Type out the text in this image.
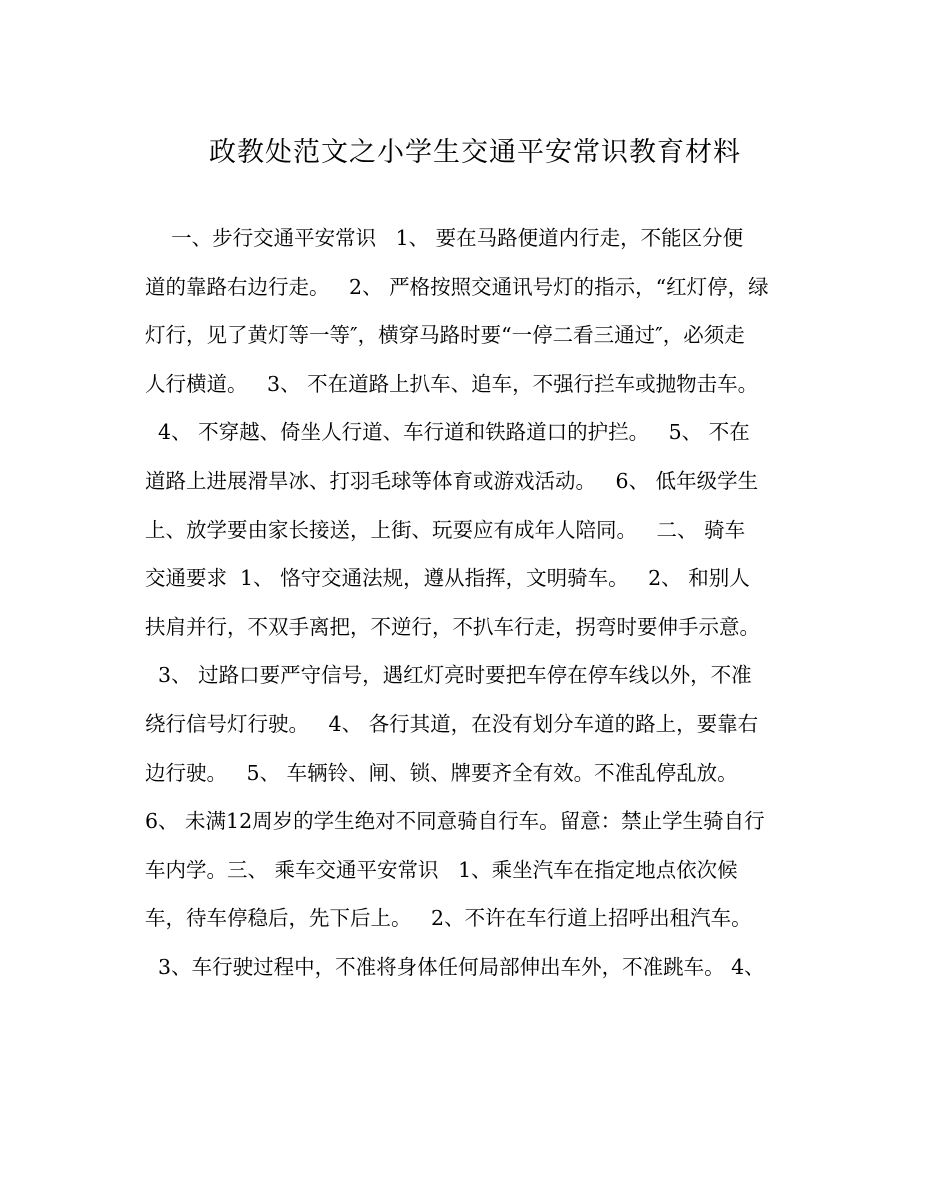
政教处范文之小学生交通平安常识教育材料
一、步行交通平安常识   1、 要在马路便道内行走，不能区分便
道的靠路右边行走。   2、 严格按照交通讯号灯的指示，“红灯停，绿
灯行，见了黄灯等一等″，横穿马路时要“一停二看三通过″，必须走
人行横道。   3、 不在道路上扒车、追车，不强行拦车或抛物击车。
4、 不穿越、倚坐人行道、车行道和铁路道口的护拦。   5、 不在
道路上进展滑旱冰、打羽毛球等体育或游戏活动。   6、 低年级学生
上、放学要由家长接送，上街、玩耍应有成年人陪同。   二、 骑车
交通要求  1、 恪守交通法规，遵从指挥，文明骑车。   2、 和别人
扶肩并行，不双手离把，不逆行，不扒车行走，拐弯时要伸手示意。
3、 过路口要严守信号，遇红灯亮时要把车停在停车线以外，不准
绕行信号灯行驶。   4、 各行其道，在没有划分车道的路上，要靠右
边行驶。   5、 车辆铃、闸、锁、牌要齐全有效。不准乱停乱放。
6、 未满12周岁的学生绝对不同意骑自行车。留意：禁止学生骑自行
车内学。三、 乘车交通平安常识   1、乘坐汽车在指定地点依次候
车，待车停稳后，先下后上。   2、不许在车行道上招呼出租汽车。
3、车行驶过程中，不准将身体任何局部伸出车外，不准跳车。 4、
